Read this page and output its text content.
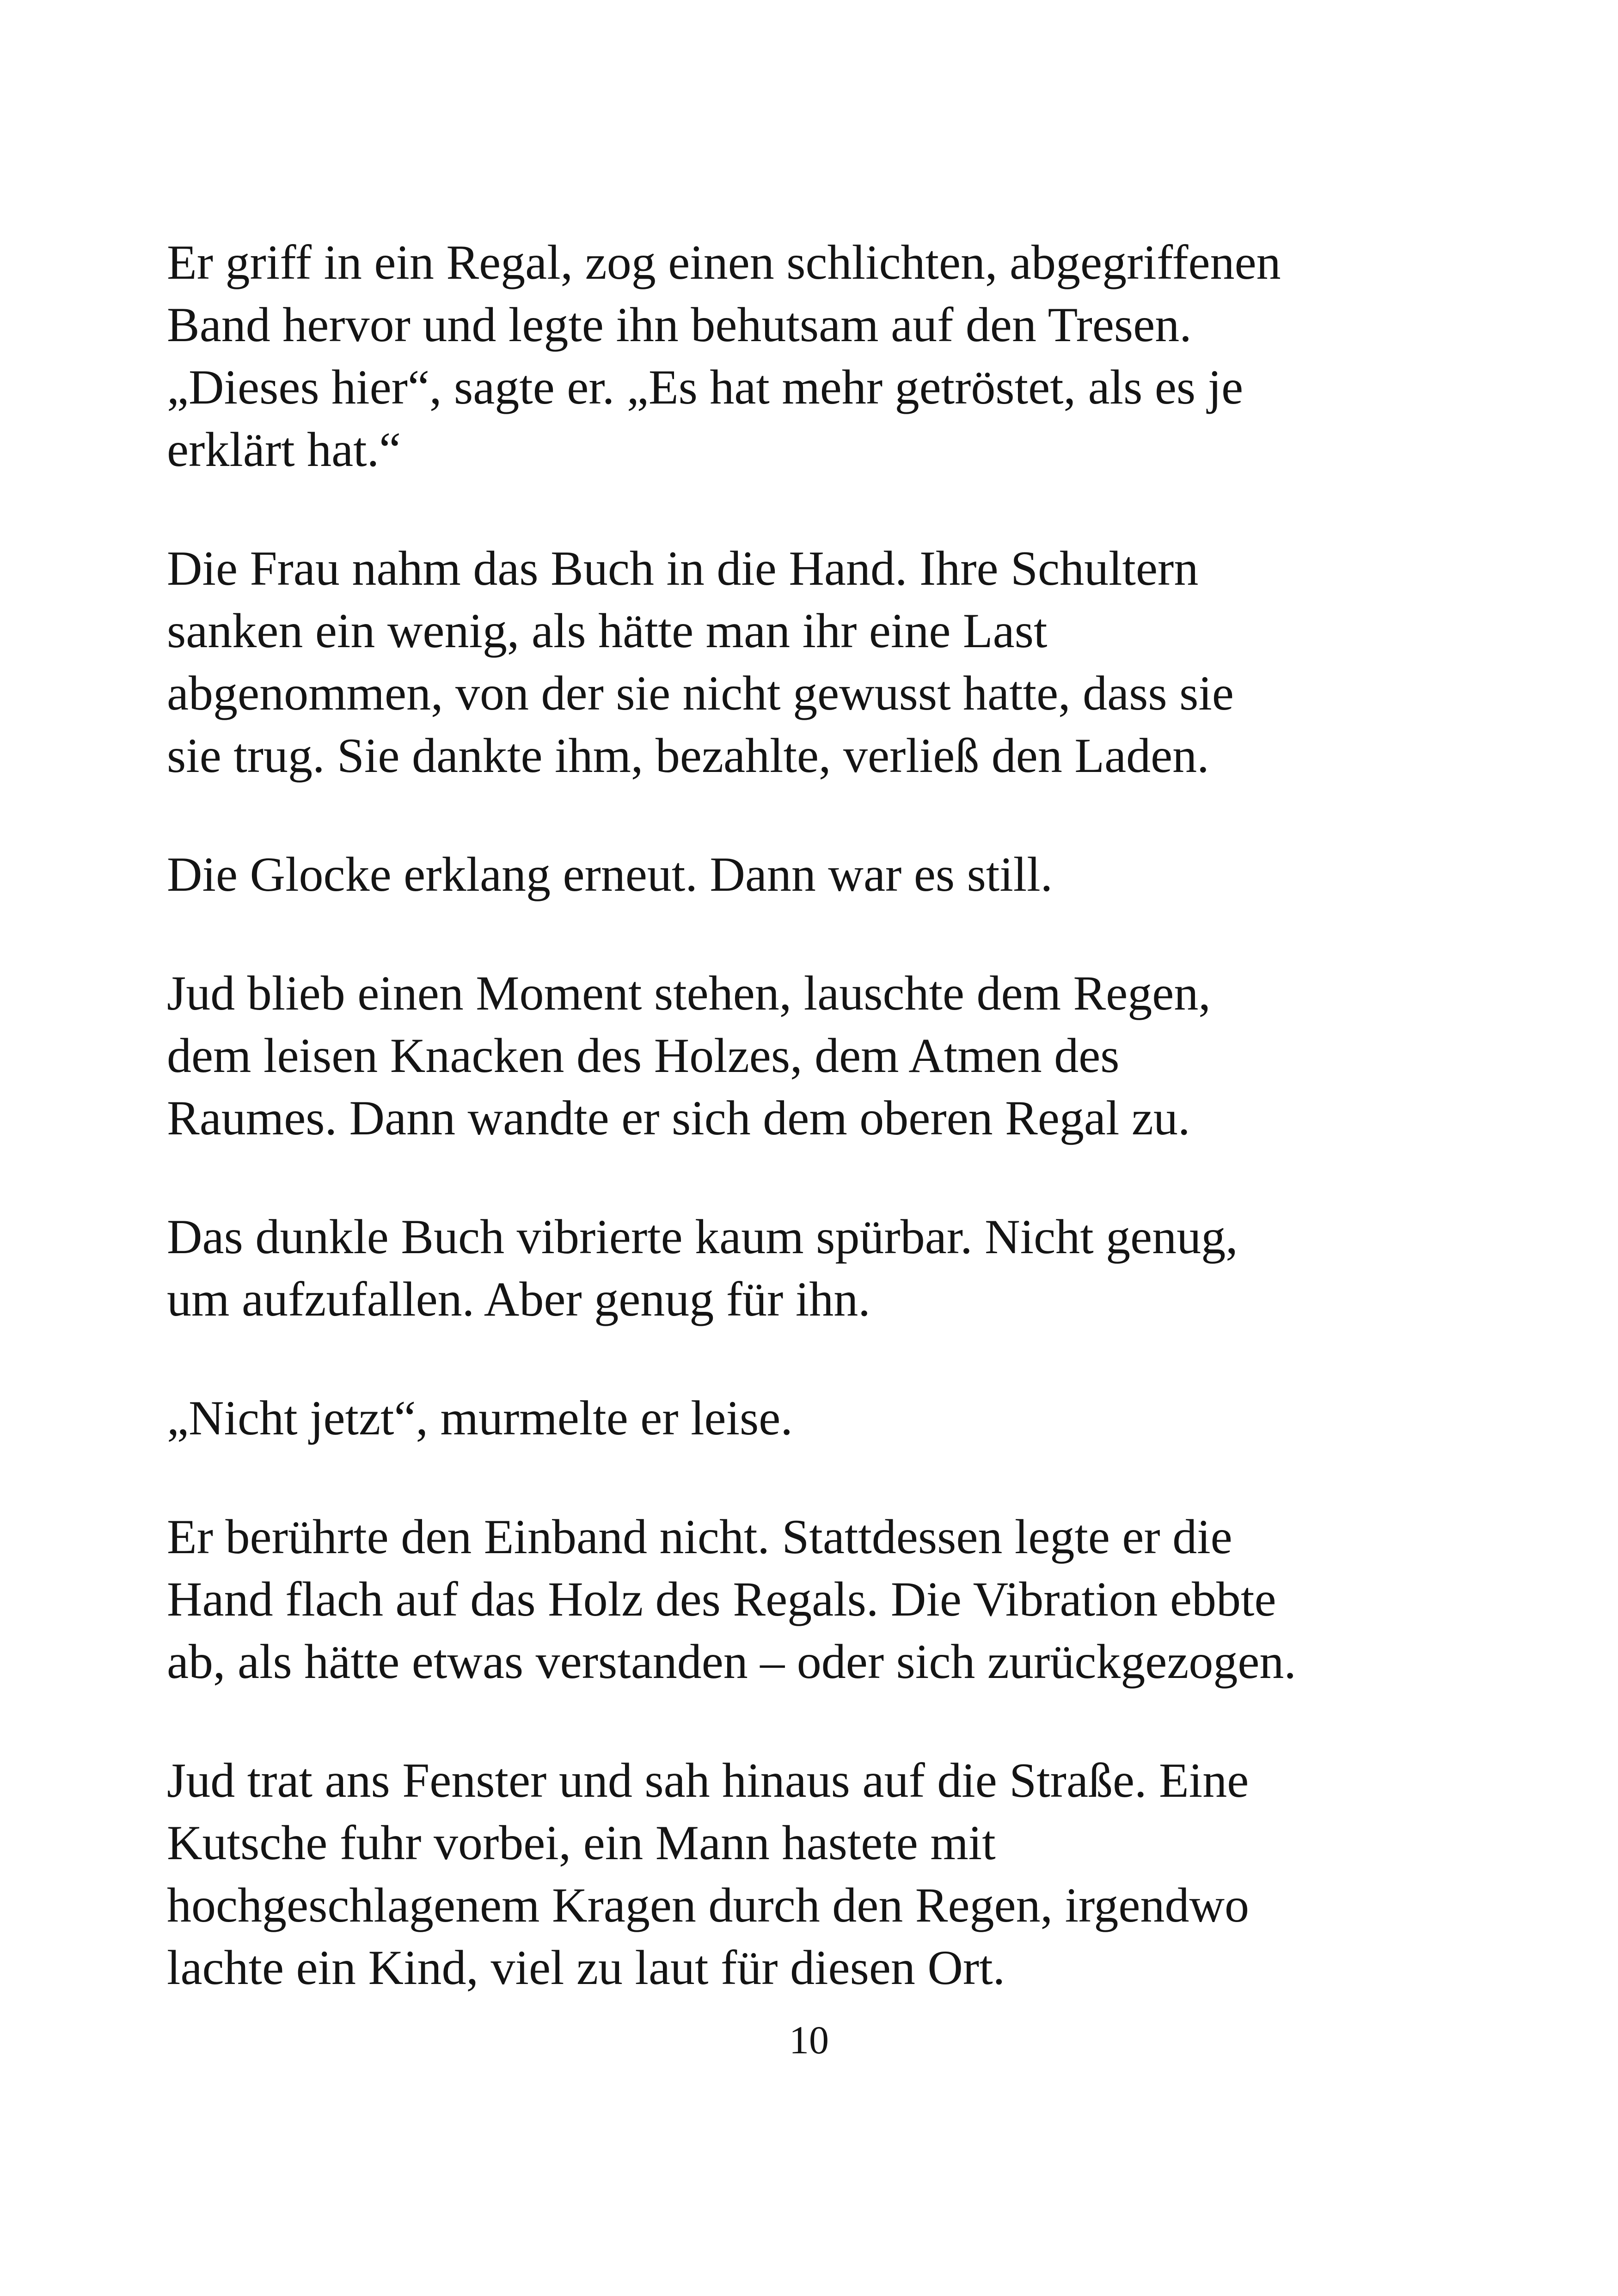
Er griff in ein Regal, zog einen schlichten, abgegriffenen
Band hervor und legte ihn behutsam auf den Tresen.
„Dieses hier“, sagte er. „Es hat mehr getröstet, als es je
erklärt hat.“

Die Frau nahm das Buch in die Hand. Ihre Schultern
sanken ein wenig, als hätte man ihr eine Last
abgenommen, von der sie nicht gewusst hatte, dass sie
sie trug. Sie dankte ihm, bezahlte, verließ den Laden.

Die Glocke erklang erneut. Dann war es still.

Jud blieb einen Moment stehen, lauschte dem Regen,
dem leisen Knacken des Holzes, dem Atmen des
Raumes. Dann wandte er sich dem oberen Regal zu.

Das dunkle Buch vibrierte kaum spürbar. Nicht genug,
um aufzufallen. Aber genug für ihn.

„Nicht jetzt“, murmelte er leise.

Er berührte den Einband nicht. Stattdessen legte er die
Hand flach auf das Holz des Regals. Die Vibration ebbte
ab, als hätte etwas verstanden – oder sich zurückgezogen.

Jud trat ans Fenster und sah hinaus auf die Straße. Eine
Kutsche fuhr vorbei, ein Mann hastete mit
hochgeschlagenem Kragen durch den Regen, irgendwo
lachte ein Kind, viel zu laut für diesen Ort.

10
